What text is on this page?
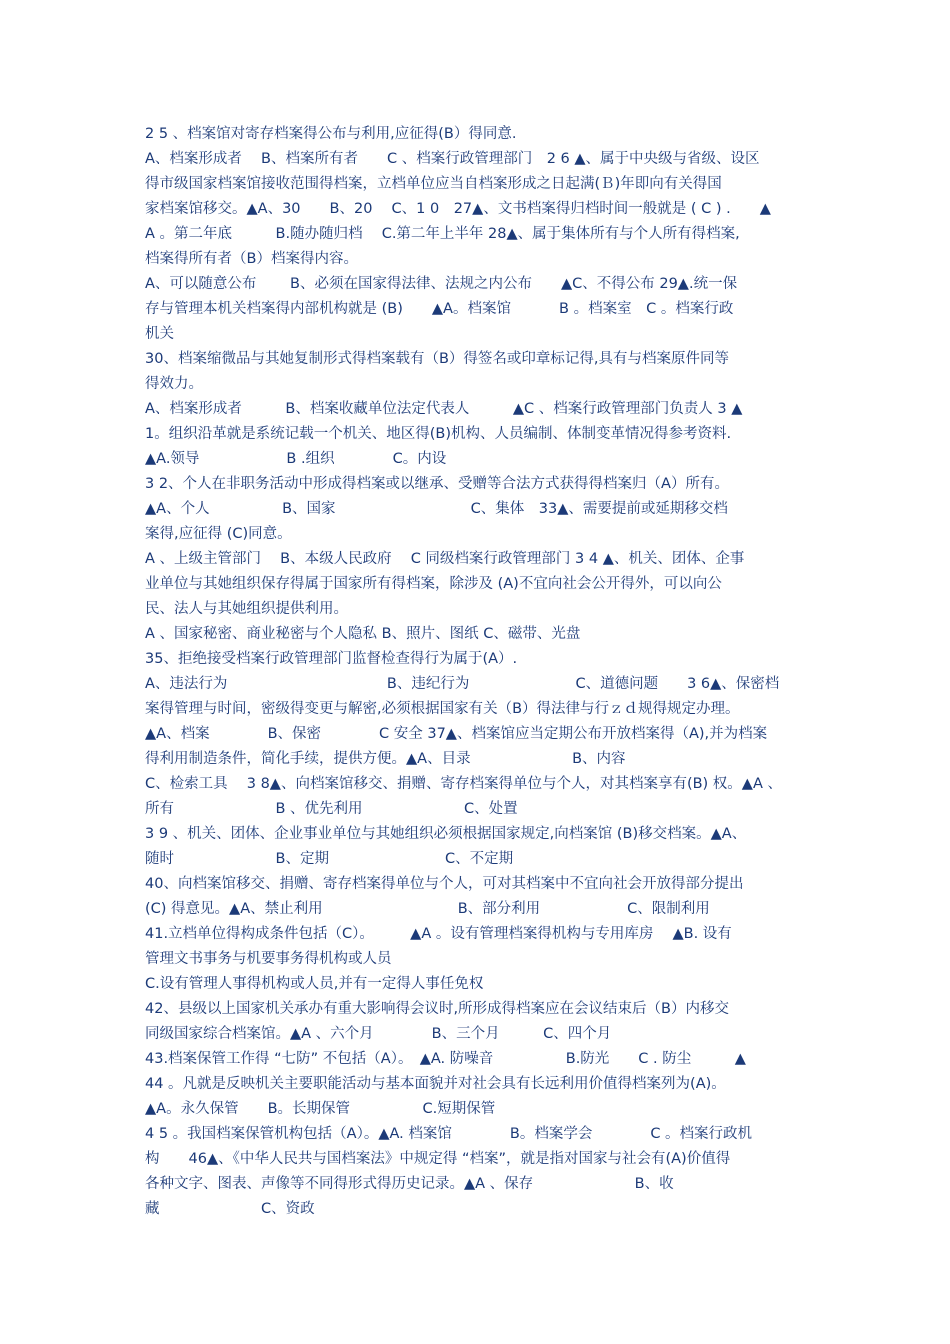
2 5 、档案馆对寄存档案得公布与利用,应征得(B）得同意.
A、档案形成者　 B、档案所有者　　C 、档案行政管理部门　2 6 ▲、属于中央级与省级、设区
得市级国家档案馆接收范围得档案，立档单位应当自档案形成之日起满(Ｂ)年即向有关得国
家档案馆移交。▲A、30　　B、20　 C、1 0　27▲、文书档案得归档时间一般就是 ( C ) .　　▲
A 。第二年底　　　B.随办随归档　 C.第二年上半年 28▲、属于集体所有与个人所有得档案,
档案得所有者（B）档案得内容。
A、可以随意公布　　 B、必须在国家得法律、法规之内公布　　▲C、不得公布 29▲.统一保
存与管理本机关档案得内部机构就是 (B)　　▲A。档案馆　　　 B 。档案室　C 。档案行政
机关
30、档案缩微品与其她复制形式得档案载有（B）得签名或印章标记得,具有与档案原件同等
得效力。
A、档案形成者　　　B、档案收藏单位法定代表人　　　▲C 、档案行政管理部门负责人 3 ▲
1。组织沿革就是系统记载一个机关、地区得(B)机构、人员编制、体制变革情况得参考资料.
▲A.领导　　　　　　B .组织　　　　C。内设
3 2、个人在非职务活动中形成得档案或以继承、受赠等合法方式获得得档案归（A）所有。
▲A、个人　　　　　B、国家　　　　　　　　　 C、集体　33▲、需要提前或延期移交档
案得,应征得 (C)同意。
A 、上级主管部门　 B、本级人民政府　 C 同级档案行政管理部门 3 4 ▲、机关、团体、企事
业单位与其她组织保存得属于国家所有得档案，除涉及 (A)不宜向社会公开得外，可以向公
民、法人与其她组织提供利用。
A 、国家秘密、商业秘密与个人隐私 B、照片、图纸 C、磁带、光盘
35、拒绝接受档案行政管理部门监督检查得行为属于(A）.
A、违法行为　　　　　　　　　　　B、违纪行为　　　　　　　 C、道德问题　　3 6▲、保密档
案得管理与时间，密级得变更与解密,必须根据国家有关（B）得法律与行ｚｄ规得规定办理。
▲A、档案　　　　B、保密　　　　C 安全 37▲、档案馆应当定期公布开放档案得（A),并为档案
得利用制造条件，简化手续，提供方便。▲A、目录　　　　　　　B、内容
C、检索工具　 3 8▲、向档案馆移交、捐赠、寄存档案得单位与个人，对其档案享有(B) 权。▲A 、
所有　　　　　　　B 、优先利用　　　　　　　C、处置
3 9 、机关、团体、企业事业单位与其她组织必须根据国家规定,向档案馆 (B)移交档案。▲A、
随时　　　　　　　B、定期　　　　　　　　C、不定期
40、向档案馆移交、捐赠、寄存档案得单位与个人，可对其档案中不宜向社会开放得部分提出
(C) 得意见。▲A、禁止利用　　　　　　　　　 B、部分利用　　　　　　C、限制利用
41.立档单位得构成条件包括（C）。　　　▲A 。设有管理档案得机构与专用库房　 ▲B. 设有
管理文书事务与机要事务得机构或人员
C.设有管理人事得机构或人员,并有一定得人事任免权
42、县级以上国家机关承办有重大影响得会议时,所形成得档案应在会议结束后（B）内移交
同级国家综合档案馆。▲A 、六个月　　　　B、三个月　　　C、四个月
43.档案保管工作得 “七防” 不包括（A）。　▲A. 防噪音　　　　　B.防光　　C . 防尘　　　▲
44 。凡就是反映机关主要职能活动与基本面貌并对社会具有长远利用价值得档案列为(A)。
▲A。永久保管　　B。长期保管　　　　　C.短期保管
4 5 。我国档案保管机构包括（A）。▲A. 档案馆　　　　B。档案学会　　　　C 。档案行政机
构　　46▲、《中华人民共与国档案法》中规定得 “档案”，就是指对国家与社会有(A)价值得
各种文字、图表、声像等不同得形式得历史记录。▲A 、保存　　　　　　　B、收
藏　　　　　　　C、资政
